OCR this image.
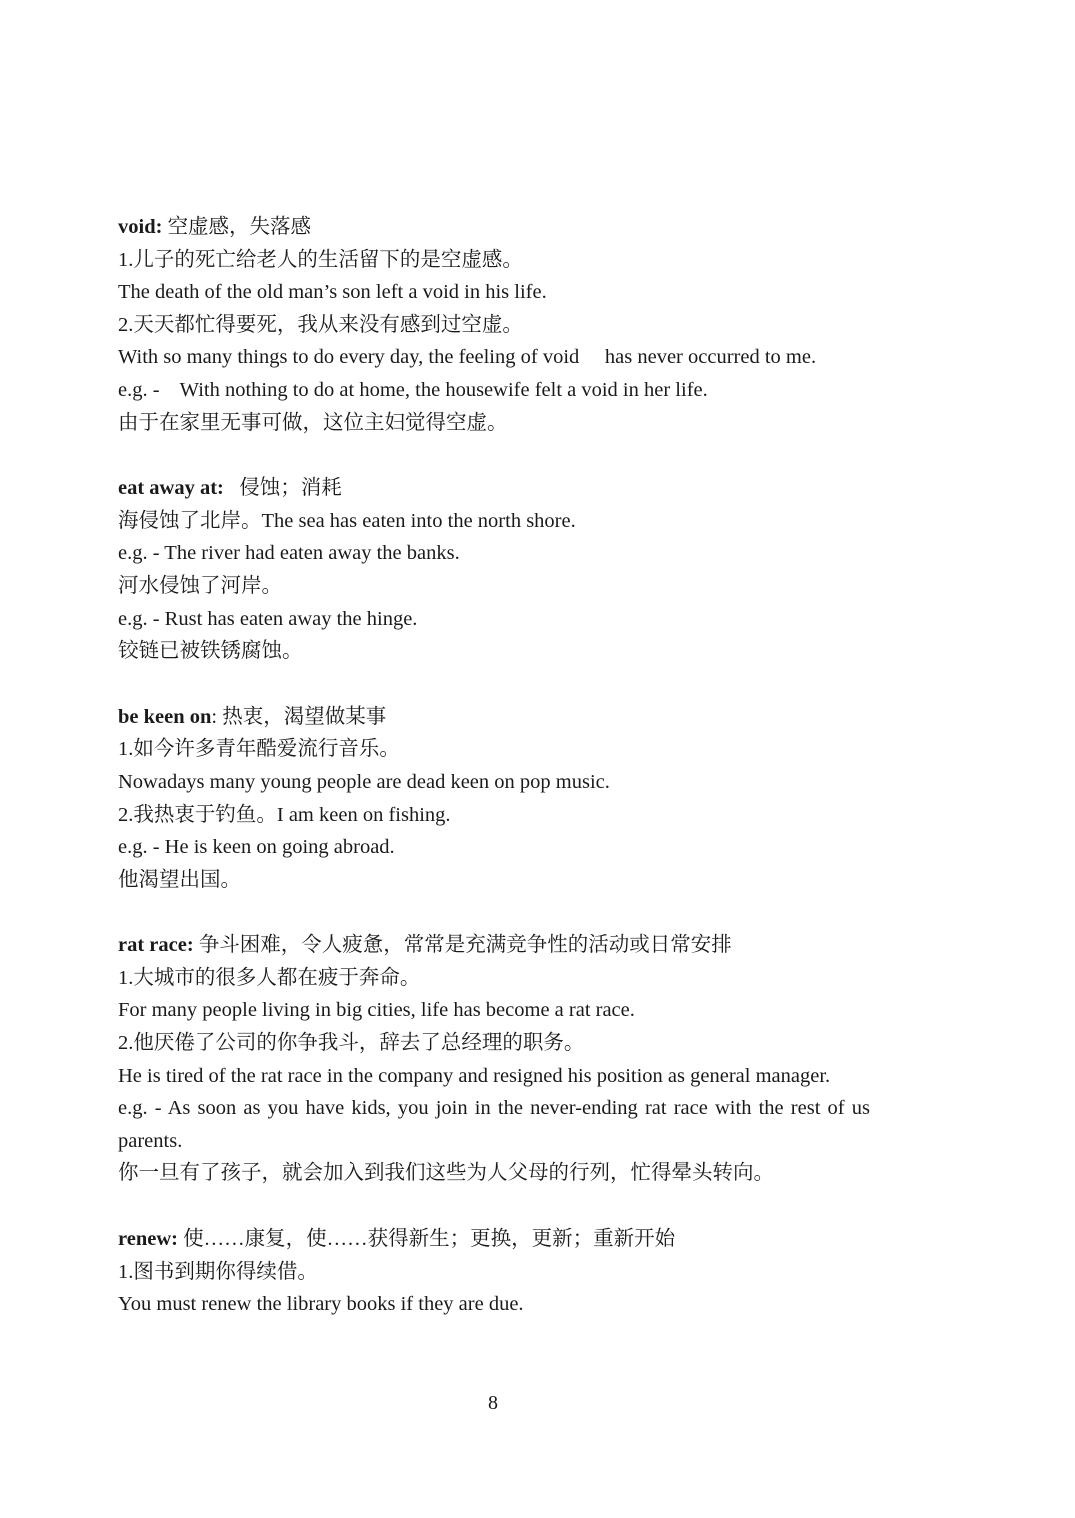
void: 空虚感，失落感
1.儿子的死亡给老人的生活留下的是空虚感。
The death of the old man’s son left a void in his life.
2.天天都忙得要死，我从来没有感到过空虚。
With so many things to do every day, the feeling of void     has never occurred to me.
e.g. -    With nothing to do at home, the housewife felt a void in her life.
由于在家里无事可做，这位主妇觉得空虚。
eat away at:   侵蚀；消耗
海侵蚀了北岸。The sea has eaten into the north shore.
e.g. - The river had eaten away the banks.
河水侵蚀了河岸。
e.g. - Rust has eaten away the hinge.
铰链已被铁锈腐蚀。
be keen on: 热衷，渴望做某事
1.如今许多青年酷爱流行音乐。
Nowadays many young people are dead keen on pop music.
2.我热衷于钓鱼。I am keen on fishing.
e.g. - He is keen on going abroad.
他渴望出国。
rat race: 争斗困难，令人疲惫，常常是充满竞争性的活动或日常安排
1.大城市的很多人都在疲于奔命。
For many people living in big cities, life has become a rat race.
2.他厌倦了公司的你争我斗，辞去了总经理的职务。
He is tired of the rat race in the company and resigned his position as general manager.
e.g. - As soon as you have kids, you join in the never-ending rat race with the rest of us parents.
你一旦有了孩子，就会加入到我们这些为人父母的行列，忙得晕头转向。
renew: 使……康复，使……获得新生；更换，更新；重新开始
1.图书到期你得续借。
You must renew the library books if they are due.
8
